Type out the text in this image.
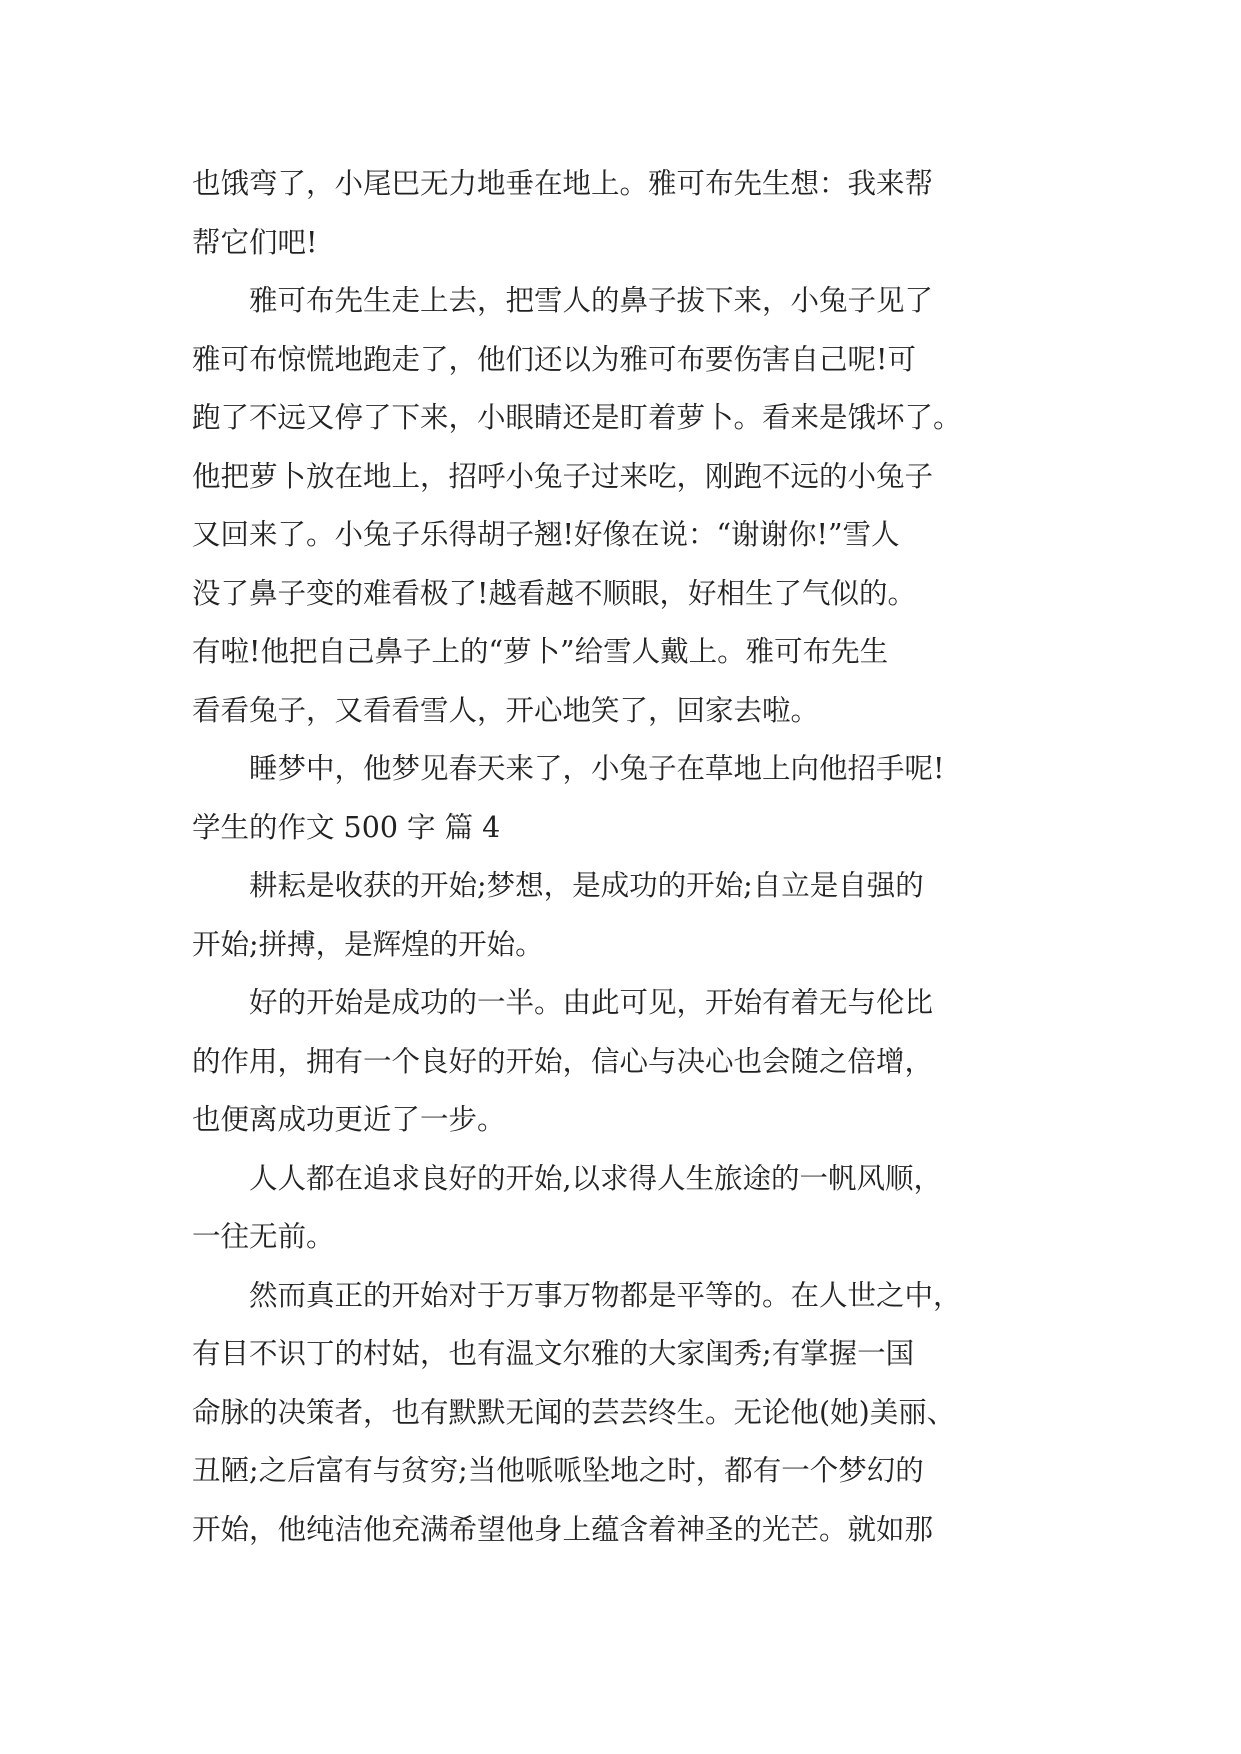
也饿弯了，小尾巴无力地垂在地上。雅可布先生想：我来帮
帮它们吧!
　　雅可布先生走上去，把雪人的鼻子拔下来，小兔子见了
雅可布惊慌地跑走了，他们还以为雅可布要伤害自己呢!可
跑了不远又停了下来，小眼睛还是盯着萝卜。看来是饿坏了。
他把萝卜放在地上，招呼小兔子过来吃，刚跑不远的小兔子
又回来了。小兔子乐得胡子翘!好像在说：“谢谢你!”雪人
没了鼻子变的难看极了!越看越不顺眼，好相生了气似的。
有啦!他把自己鼻子上的“萝卜”给雪人戴上。雅可布先生
看看兔子，又看看雪人，开心地笑了，回家去啦。
　　睡梦中，他梦见春天来了，小兔子在草地上向他招手呢!
学生的作文 500 字 篇 4
　　耕耘是收获的开始;梦想，是成功的开始;自立是自强的
开始;拼搏，是辉煌的开始。
　　好的开始是成功的一半。由此可见，开始有着无与伦比
的作用，拥有一个良好的开始，信心与决心也会随之倍增，
也便离成功更近了一步。
　　人人都在追求良好的开始,以求得人生旅途的一帆风顺，
一往无前。
　　然而真正的开始对于万事万物都是平等的。在人世之中，
有目不识丁的村姑，也有温文尔雅的大家闺秀;有掌握一国
命脉的决策者，也有默默无闻的芸芸终生。无论他(她)美丽、
丑陋;之后富有与贫穷;当他哌哌坠地之时，都有一个梦幻的
开始，他纯洁他充满希望他身上蕴含着神圣的光芒。就如那
